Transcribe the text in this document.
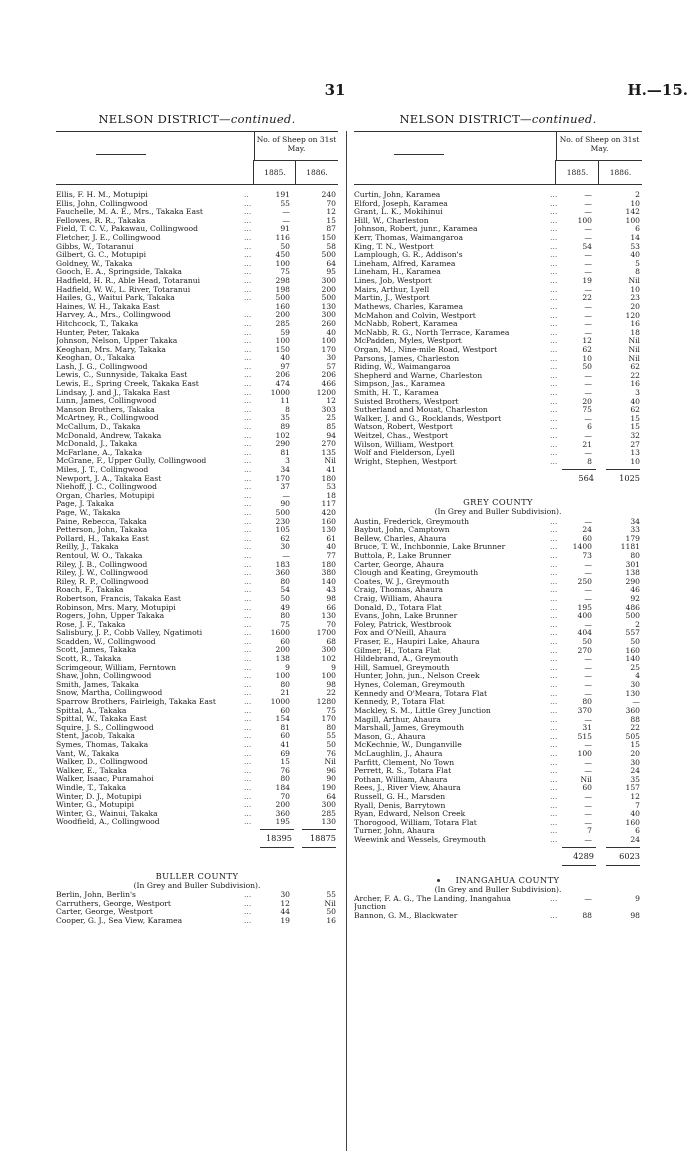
31	H.—15.
NELSON DISTRICT—continued.
No. of Sheep on 31st May.
1885.	1886.
Ellis, F. H. M., Motupipi	..	191	240
Ellis, John, Collingwood	...	55	70
Fauchelle, M. A. E., Mrs., Takaka East	...	—	12
Fellowes, R. R., Takaka	...	—	15
Field, T. C. V., Pakawau, Collingwood	...	91	87
Fletcher, J. E., Collingwood	...	116	150
Gibbs, W., Totaranui	...	50	58
Gilbert, G. C., Motupipi	...	450	500
Goldney, W., Takaka	...	100	64
Gooch, E. A., Springside, Takaka	...	75	95
Hadfield, H. R., Able Head, Totaranui	...	298	300
Hadfield, W. W., L. River, Totaranui	...	198	200
Hailes, G., Waitui Park, Takaka	...	500	500
Haines, W. H., Takaka East	160	130
Harvey, A., Mrs., Collingwood	...	200	300
Hitchcock, T., Takaka	...	285	260
Hunter, Peter, Takaka	...	59	40
Johnson, Nelson, Upper Takaka	...	100	100
Keoghan, Mrs. Mary, Takaka	...	150	170
Keoghan, O., Takaka	...	40	30
Lash, J. G., Collingwood	...	97	57
Lewis, C., Sunnyside, Takaka East	...	206	206
Lewis, E., Spring Creek, Takaka East	...	474	466
Lindsay, J. and J., Takaka East	...	1000	1200
Lunn, James, Collingwood	...	11	12
Manson Brothers, Takaka	...	8	303
McArtney, R., Collingwood	...	35	25
McCallum, D., Takaka	...	89	85
McDonald, Andrew, Takaka	...	102	94
McDonald, J., Takaka	...	290	270
McFarlane, A., Takaka	...	81	135
McGrane, F., Upper Gully, Collingwood	...	3	Nil
Miles, J. T., Collingwood	...	34	41
Newport, J. A., Takaka East	...	170	180
Niehoff, J. C., Collingwood	...	37	53
Organ, Charles, Motupipi	...	—	18
Page, J. Takaka	...	90	117
Page, W., Takaka	...	500	420
Paine, Rebecca, Takaka	...	230	160
Petterson, John, Takaka	...	105	130
Pollard, H., Takaka East	...	62	61
Reilly, J., Takaka	...	30	40
Rentoul, W. O., Takaka	...	—	77
Riley, J. B., Collingwood	...	183	180
Riley, J. W., Collingwood	...	360	380
Riley, R. P., Collingwood	...	80	140
Roach, F., Takaka	...	54	43
Robertson, Francis, Takaka East	...	50	98
Robinson, Mrs. Mary, Motupipi	...	49	66
Rogers, John, Upper Takaka	...	80	130
Rose, J. F., Takaka	...	75	70
Salisbury, J. P., Cobb Valley, Ngatimoti	...	1600	1700
Scadden, W., Collingwood	...	60	68
Scott, James, Takaka	...	200	300
Scott, R., Takaka	...	138	102
Scrimgeour, William, Ferntown	...	9	9
Shaw, John, Collingwood	...	100	100
Smith, James, Takaka	...	80	98
Snow, Martha, Collingwood	...	21	22
Sparrow Brothers, Fairleigh, Takaka East	...	1000	1280
Spittal, A., Takaka	...	60	75
Spittal, W., Takaka East	...	154	170
Squire, J. S., Collingwood	...	81	80
Stent, Jacob, Takaka	...	60	55
Symes, Thomas, Takaka	...	41	50
Vant, W., Takaka	...	69	76
Walker, D., Collingwood	...	15	Nil
Walker, E., Takaka	...	76	96
Walker, Isaac, Puramahoi	...	80	90
Windle, T., Takaka	...	184	190
Winter, D. J., Motupipi	...	70	64
Winter, G., Motupipi	...	200	300
Winter, G., Wainui, Takaka	...	360	285
Woodfield, A., Collingwood	...	195	130
18395 18875
BULLER COUNTY
(In Grey and Buller Subdivision).
Berlin, John, Berlin's	...	30	55
Carruthers, George, Westport	...	12	Nil
Carter, George, Westport	...	44	50
Cooper, G. J., Sea View, Karamea	...	19	16
NELSON DISTRICT—continued.
No. of Sheep on 31st May.
1885.	1886.
Curtin, John, Karamea	...	—	2
Elford, Joseph, Karamea	...	—	10
Grant, L. K., Mokihinui	...	—	142
Hill, W., Charleston	...	100	100
Johnson, Robert, junr., Karamea	...	—	6
Kerr, Thomas, Waimangaroa	...	—	14
King, T. N., Westport	...	54	53
Lamplough, G. R., Addison's	...	—	40
Lineham, Alfred, Karamea	...	—	5
Lineham, H., Karamea	...	—	8
Lines, Job, Westport	...	19	Nil
Mairs, Arthur, Lyell	...	—	10
Martin, J., Westport	...	22	23
Mathews, Charles, Karamea	...	—	20
McMahon and Colvin, Westport	...	—	120
McNabb, Robert, Karamea	...	—	16
McNabb, R. G., North Terrace, Karamea	...	—	18
McPadden, Myles, Westport	...	12	Nil
Organ, M., Nine-mile Road, Westport	...	62	Nil
Parsons, James, Charleston	...	10	Nil
Riding, W., Waimangaroa	...	50	62
Shepherd and Warne, Charleston	...	—	22
Simpson, Jas., Karamea	...	—	16
Smith, H. T., Karamea	...	—	3
Suisted Brothers, Westport	...	20	40
Sutherland and Mouat, Charleston	...	75	62
Walker, J. and G., Rocklands, Westport	...	—	15
Watson, Robert, Westport	...	6	15
Weitzel, Chas., Westport	...	—	32
Wilson, William, Westport	...	21	27
Wolf and Fielderson, Lyell	...	—	13
Wright, Stephen, Westport	...	8	10
564	1025
GREY COUNTY
(In Grey and Buller Subdivision).
Austin, Frederick, Greymouth	...	—	34
Baybut, John, Camptown	...	24	33
Bellew, Charles, Ahaura	...	60	179
Bruce, T. W., Inchbonnie, Lake Brunner	... 1400	1181
Buttola, P., Lake Brunner	...	73	80
Carter, George, Ahaura	...	—	301
Clough and Keating, Greymouth	...	—	138
Coates, W. J., Greymouth	...	250	290
Craig, Thomas, Ahaura	...	—	46
Craig, William, Ahaura	...	—	92
Donald, D., Totara Flat	...	195	486
Evans, John, Lake Brunner	...	400	500
Foley, Patrick, Westbrook	...	—	2
Fox and O'Neill, Ahaura	...	404	557
Fraser, E., Haupiri Lake, Ahaura	...	50	50
Gilmer, H., Totara Flat	...	270	160
Hildebrand, A., Greymouth	...	—	140
Hill, Samuel, Greymouth	...	—	25
Hunter, John, jun., Nelson Creek	...	—	4
Hynes, Coleman, Greymouth	...	—	30
Kennedy and O'Meara, Totara Flat	...	—	130
Kennedy, P., Totara Flat	...	80	—
Mackley, S. M., Little Grey Junction	...	370	360
Magill, Arthur, Ahaura	...	—	88
Marshall, James, Greymouth	...	31	22
Mason, G., Ahaura	...	515	505
McKechnie, W., Dunganville	...	—	15
McLaughlin, J., Ahaura	...	100	20
Parfitt, Clement, No Town	...	—	30
Perrett, R. S., Totara Flat	...	—	24
Pothan, William, Ahaura	...	Nil	35
Rees, J., River View, Ahaura	...	60	157
Russell, G. H., Marsden	...	—	12
Ryall, Denis, Barrytown	...	—	7
Ryan, Edward, Nelson Creek	...	—	40
Thorogood, William, Totara Flat	...	—	160
Turner, John, Ahaura	...	7	6
Weewink and Wessels, Greymouth	...	—	24
4289	6023
INANGAHUA COUNTY
(In Grey and Buller Subdivision).
Archer, F. A. G., The Landing, Inangahua	...	—	9
Junction
Bannon, G. M., Blackwater	...	88	98
